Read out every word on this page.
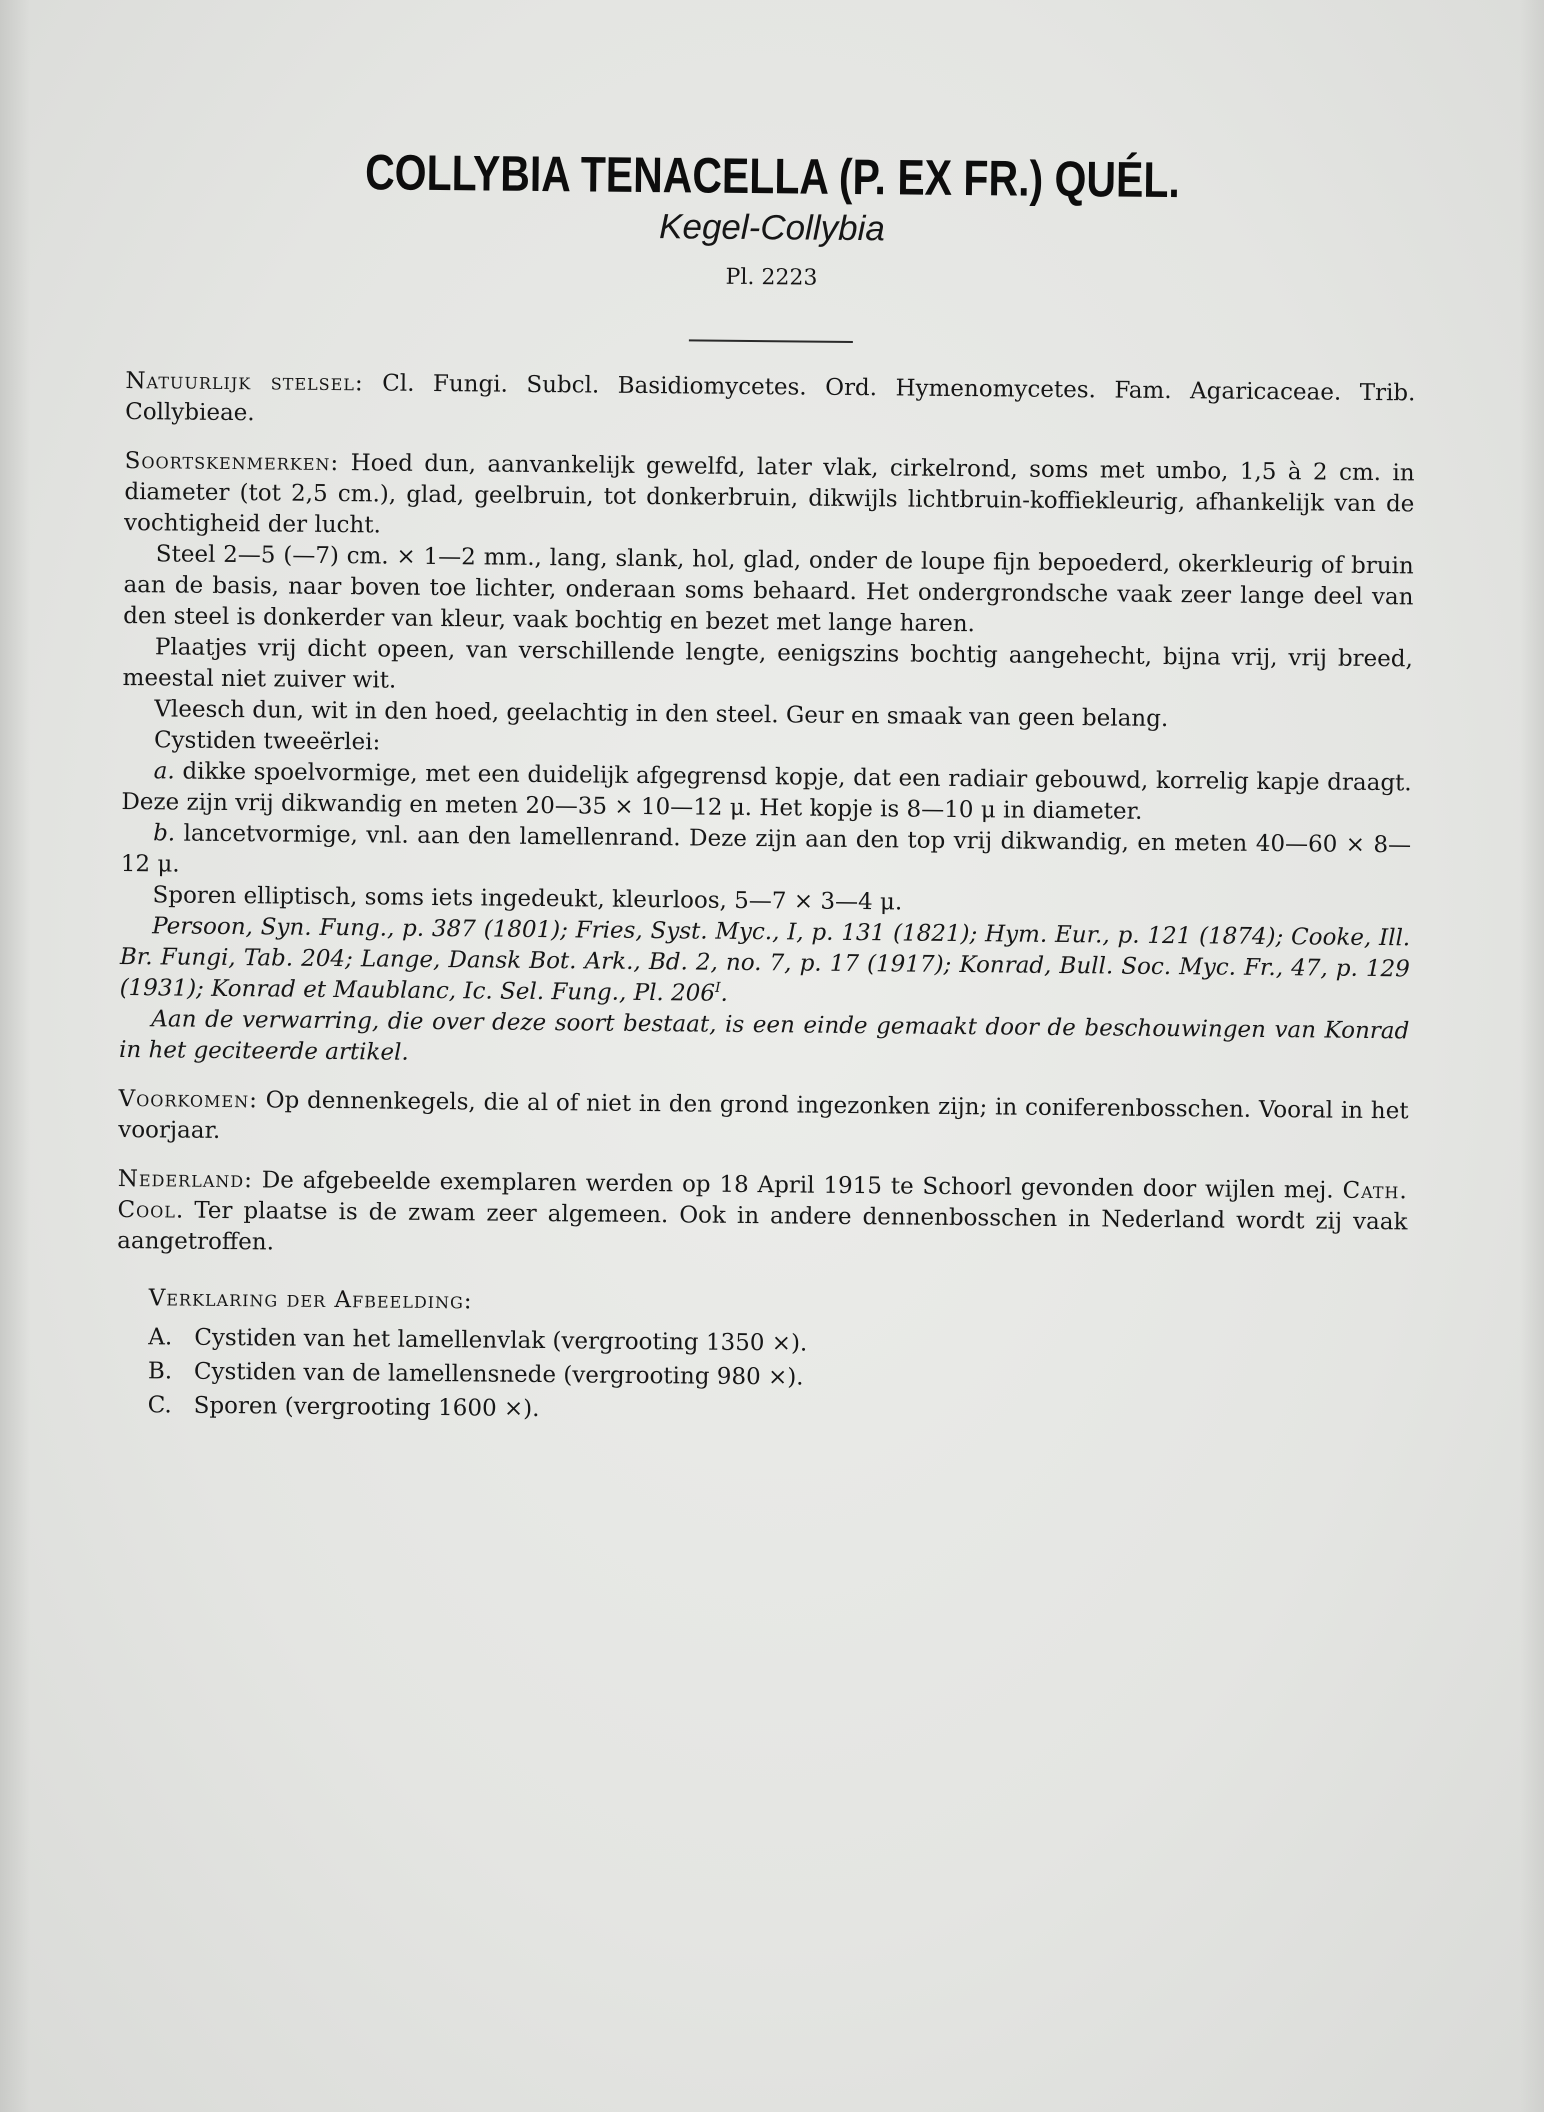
COLLYBIA TENACELLA (P. EX FR.) QUÉL.
Kegel-Collybia
Pl. 2223

Natuurlijk stelsel: Cl. Fungi. Subcl. Basidiomycetes. Ord. Hymenomycetes. Fam. Agaricaceae. Trib. Collybieae.

Soortskenmerken: Hoed dun, aanvankelijk gewelfd, later vlak, cirkelrond, soms met umbo, 1,5 à 2 cm. in diameter (tot 2,5 cm.), glad, geelbruin, tot donkerbruin, dikwijls lichtbruin-koffiekleurig, afhankelijk van de vochtigheid der lucht.

Steel 2—5 (—7) cm. × 1—2 mm., lang, slank, hol, glad, onder de loupe fijn bepoederd, okerkleurig of bruin aan de basis, naar boven toe lichter, onderaan soms behaard. Het ondergrondsche vaak zeer lange deel van den steel is donkerder van kleur, vaak bochtig en bezet met lange haren.

Plaatjes vrij dicht opeen, van verschillende lengte, eenigszins bochtig aangehecht, bijna vrij, vrij breed, meestal niet zuiver wit.

Vleesch dun, wit in den hoed, geelachtig in den steel. Geur en smaak van geen belang.

Cystiden tweeërlei:

a. dikke spoelvormige, met een duidelijk afgegrensd kopje, dat een radiair gebouwd, korrelig kapje draagt. Deze zijn vrij dikwandig en meten 20—35 × 10—12 μ. Het kopje is 8—10 μ in diameter.

b. lancetvormige, vnl. aan den lamellenrand. Deze zijn aan den top vrij dikwandig, en meten 40—60 × 8—12 μ.

Sporen elliptisch, soms iets ingedeukt, kleurloos, 5—7 × 3—4 μ.

Persoon, Syn. Fung., p. 387 (1801); Fries, Syst. Myc., I, p. 131 (1821); Hym. Eur., p. 121 (1874); Cooke, Ill. Br. Fungi, Tab. 204; Lange, Dansk Bot. Ark., Bd. 2, no. 7, p. 17 (1917); Konrad, Bull. Soc. Myc. Fr., 47, p. 129 (1931); Konrad et Maublanc, Ic. Sel. Fung., Pl. $206^I$.

Aan de verwarring, die over deze soort bestaat, is een einde gemaakt door de beschouwingen van Konrad in het geciteerde artikel.

Voorkomen: Op dennenkegels, die al of niet in den grond ingezonken zijn; in coniferenbosschen. Vooral in het voorjaar.

Nederland: De afgebeelde exemplaren werden op 18 April 1915 te Schoorl gevonden door wijlen mej. Cath. Cool. Ter plaatse is de zwam zeer algemeen. Ook in andere dennenbosschen in Nederland wordt zij vaak aangetroffen.

Verklaring der Afbeelding:
A. Cystiden van het lamellenvlak (vergrooting 1350 ×).
B. Cystiden van de lamellensnede (vergrooting 980 ×).
C. Sporen (vergrooting 1600 ×).
